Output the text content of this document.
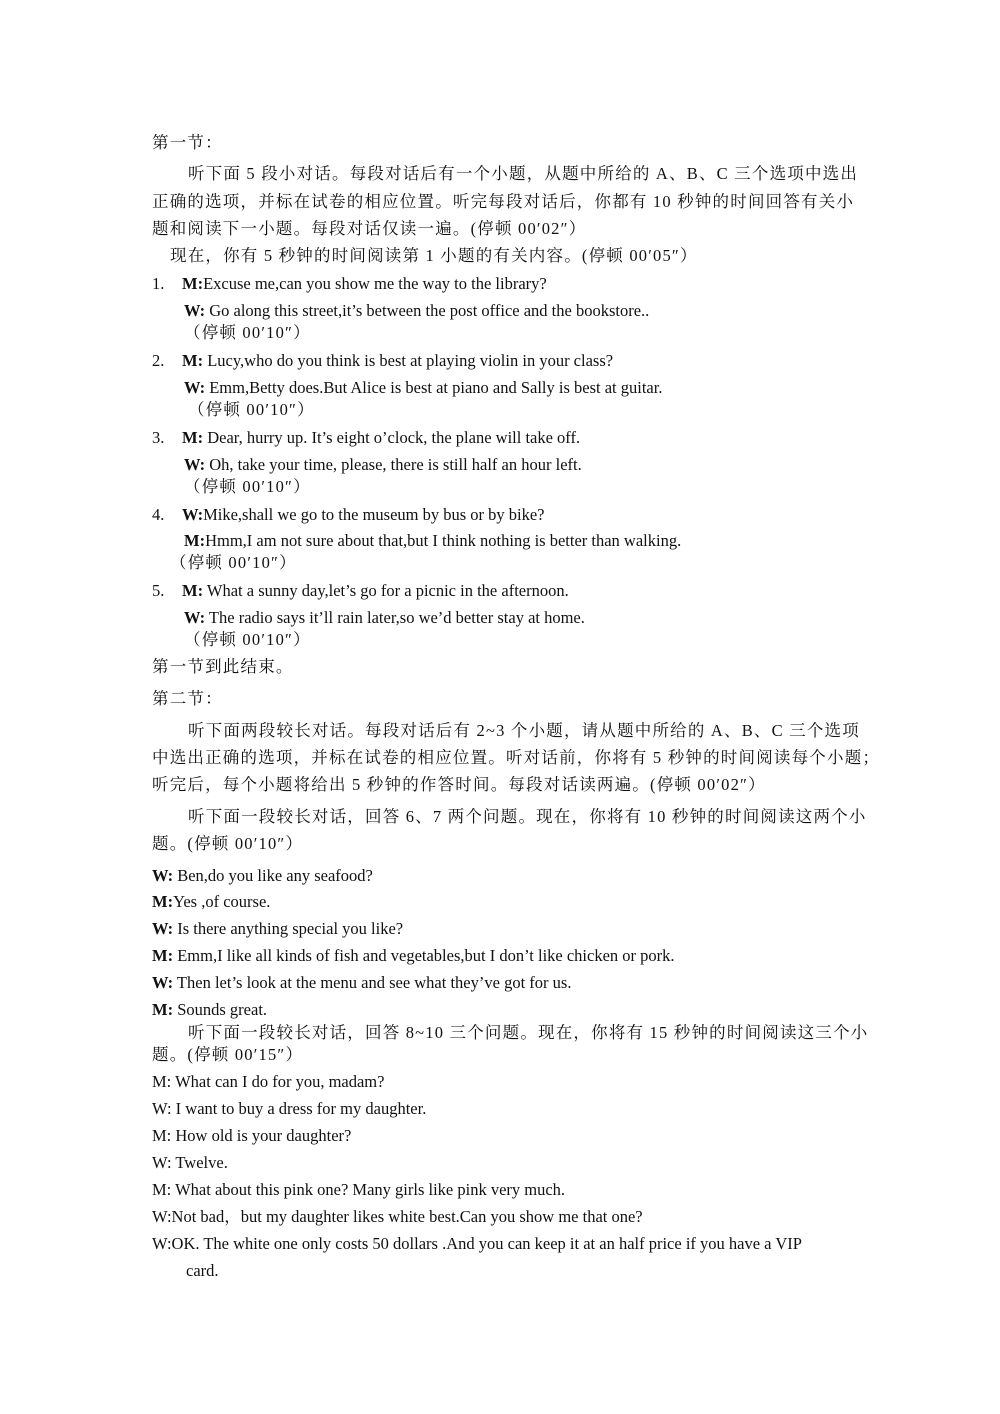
第一节：
听下面 5 段小对话。每段对话后有一个小题，从题中所给的 A、B、C 三个选项中选出
正确的选项，并标在试卷的相应位置。听完每段对话后，你都有 10 秒钟的时间回答有关小
题和阅读下一小题。每段对话仅读一遍。(停顿 00′02″）
现在，你有 5 秒钟的时间阅读第 1 小题的有关内容。(停顿 00′05″）
1. M:Excuse me,can you show me the way to the library?
W: Go along this street,it’s between the post office and the bookstore..
（停顿 00′10″）
2. M: Lucy,who do you think is best at playing violin in your class?
W: Emm,Betty does.But Alice is best at piano and Sally is best at guitar.
（停顿 00′10″）
3. M: Dear, hurry up. It’s eight o’clock, the plane will take off.
W: Oh, take your time, please, there is still half an hour left.
（停顿 00′10″）
4. W:Mike,shall we go to the museum by bus or by bike?
M:Hmm,I am not sure about that,but I think nothing is better than walking.
（停顿 00′10″）
5. M: What a sunny day,let’s go for a picnic in the afternoon.
W: The radio says it’ll rain later,so we’d better stay at home.
（停顿 00′10″）
第一节到此结束。
第二节：
听下面两段较长对话。每段对话后有 2~3 个小题，请从题中所给的 A、B、C 三个选项
中选出正确的选项，并标在试卷的相应位置。听对话前，你将有 5 秒钟的时间阅读每个小题；
听完后，每个小题将给出 5 秒钟的作答时间。每段对话读两遍。(停顿 00′02″）
听下面一段较长对话，回答 6、7 两个问题。现在，你将有 10 秒钟的时间阅读这两个小
题。(停顿 00′10″）
W: Ben,do you like any seafood?
M:Yes ,of course.
W: Is there anything special you like?
M: Emm,I like all kinds of fish and vegetables,but I don’t like chicken or pork.
W: Then let’s look at the menu and see what they’ve got for us.
M: Sounds great.
听下面一段较长对话，回答 8~10 三个问题。现在，你将有 15 秒钟的时间阅读这三个小
题。(停顿 00′15″）
M: What can I do for you, madam?
W: I want to buy a dress for my daughter.
M: How old is your daughter?
W: Twelve.
M: What about this pink one? Many girls like pink very much.
W:Not bad，but my daughter likes white best.Can you show me that one?
W:OK. The white one only costs 50 dollars .And you can keep it at an half price if you have a VIP
card.
